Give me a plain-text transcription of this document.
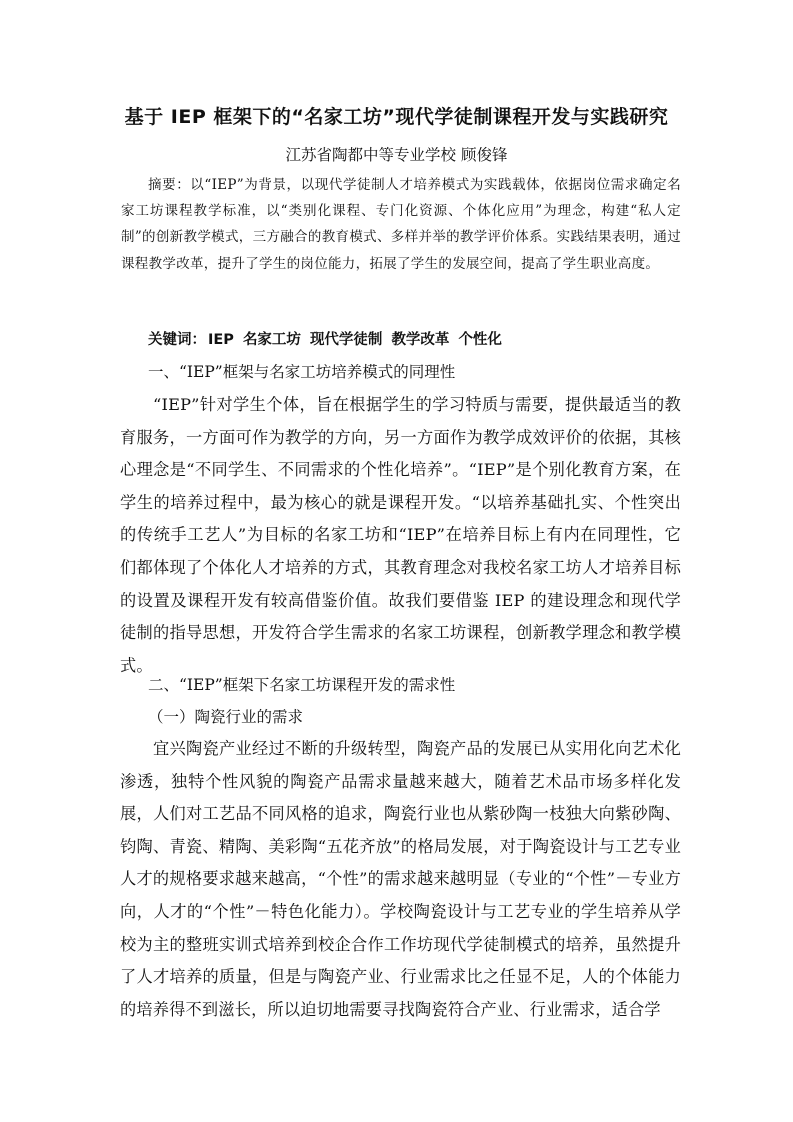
基于 IEP 框架下的“名家工坊”现代学徒制课程开发与实践研究
江苏省陶都中等专业学校 顾俊锋
摘要：以“IEP”为背景，以现代学徒制人才培养模式为实践载体，依据岗位需求确定名家工坊课程教学标准，以“类别化课程、专门化资源、个体化应用”为理念，构建“私人定制”的创新教学模式，三方融合的教育模式、多样并举的教学评价体系。实践结果表明，通过课程教学改革，提升了学生的岗位能力，拓展了学生的发展空间，提高了学生职业高度。
关键词： IEP 名家工坊 现代学徒制 教学改革 个性化
一、“IEP”框架与名家工坊培养模式的同理性
“IEP”针对学生个体，旨在根据学生的学习特质与需要，提供最适当的教育服务，一方面可作为教学的方向，另一方面作为教学成效评价的依据，其核心理念是“不同学生、不同需求的个性化培养”。“IEP”是个别化教育方案，在学生的培养过程中，最为核心的就是课程开发。“以培养基础扎实、个性突出的传统手工艺人”为目标的名家工坊和“IEP”在培养目标上有内在同理性，它们都体现了个体化人才培养的方式，其教育理念对我校名家工坊人才培养目标的设置及课程开发有较高借鉴价值。故我们要借鉴 IEP 的建设理念和现代学徒制的指导思想，开发符合学生需求的名家工坊课程，创新教学理念和教学模式。
二、“IEP”框架下名家工坊课程开发的需求性
（一）陶瓷行业的需求
宜兴陶瓷产业经过不断的升级转型，陶瓷产品的发展已从实用化向艺术化渗透，独特个性风貌的陶瓷产品需求量越来越大，随着艺术品市场多样化发展，人们对工艺品不同风格的追求，陶瓷行业也从紫砂陶一枝独大向紫砂陶、钧陶、青瓷、精陶、美彩陶“五花齐放”的格局发展，对于陶瓷设计与工艺专业人才的规格要求越来越高，“个性”的需求越来越明显（专业的“个性”－专业方向，人才的“个性”－特色化能力）。学校陶瓷设计与工艺专业的学生培养从学校为主的整班实训式培养到校企合作工作坊现代学徒制模式的培养，虽然提升了人才培养的质量，但是与陶瓷产业、行业需求比之任显不足，人的个体能力的培养得不到滋长，所以迫切地需要寻找陶瓷符合产业、行业需求，适合学
